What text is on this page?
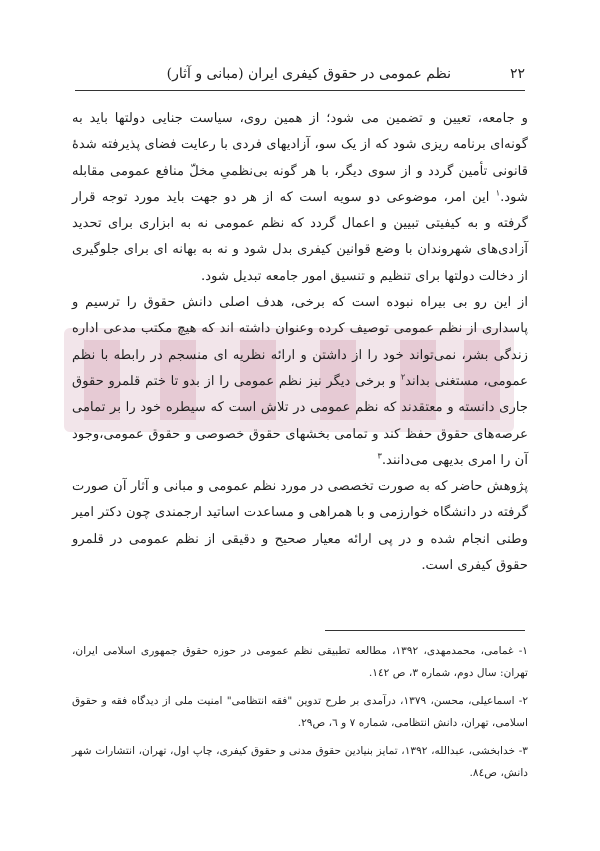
۲۲
نظم عمومی در حقوق کیفری ایران (مبانی و آثار)

و جامعه، تعیین و تضمین می شود؛ از همین روی، سیاست جنایی دولتها باید به گونه‌ای برنامه ریزی شود که از یک سو، آزادیهای فردی با رعایت فضای پذیرفته شدهٔ قانونی تأمین گردد و از سوی دیگر، با هر گونه بی‌نظمیِ مخلّ منافع عمومی مقابله شود.$^۱$ این امر، موضوعی دو سویه است که از هر دو جهت باید مورد توجه قرار گرفته و به کیفیتی تبیین و اعمال گردد که نظم عمومی نه به ابزاری برای تحدید آزادی‌های شهروندان با وضع قوانین کیفری بدل شود و نه به بهانه ای برای جلوگیری از دخالت دولتها برای تنظیم و تنسیق امور جامعه تبدیل شود.

از این رو بی بیراه نبوده است که برخی، هدف اصلی دانش حقوق را ترسیم و پاسداری از نظم عمومی توصیف کرده وعنوان داشته اند که هیچ مکتب مدعی اداره زندگی بشر، نمی‌تواند خود را از داشتن و ارائه نظریه ای منسجم در رابطه با نظم عمومی، مستغنی بداند$^۲$ و برخی دیگر نیز نظم عمومی را از بدو تا ختم قلمرو حقوق جاری دانسته و معتقدند که نظم عمومی در تلاش است که سیطره خود را بر تمامی عرصه‌های حقوق حفظ کند و تمامی بخشهای حقوق خصوصی و حقوق عمومی،وجود آن را امری بدیهی می‌دانند.$^۳$

پژوهش حاضر که به صورت تخصصی در مورد نظم عمومی و مبانی و آثار آن صورت گرفته در دانشگاه خوارزمی و با همراهی و مساعدت اساتید ارجمندی چون دکتر امیر وطنی انجام شده و در پی ارائه معیار صحیح و دقیقی از نظم عمومی در قلمرو حقوق کیفری است.

۱- غمامی، محمدمهدی، ۱۳۹۲، مطالعه تطبیقی نظم عمومی در حوزه حقوق جمهوری اسلامی ایران، تهران: سال دوم، شماره ۳، ص ۱٤۲.

۲- اسماعیلی، محسن، ۱۳۷۹، درآمدی بر طرح تدوین "فقه انتظامی" امنیت ملی از دیدگاه فقه و حقوق اسلامی، تهران، دانش انتظامی، شماره ۷ و ٦، ص۲۹.

۳- خدابخشی، عبدالله، ۱۳۹۲، تمایز بنیادین حقوق مدنی و حقوق کیفری، چاپ اول، تهران، انتشارات شهر دانش، ص۸٤.
